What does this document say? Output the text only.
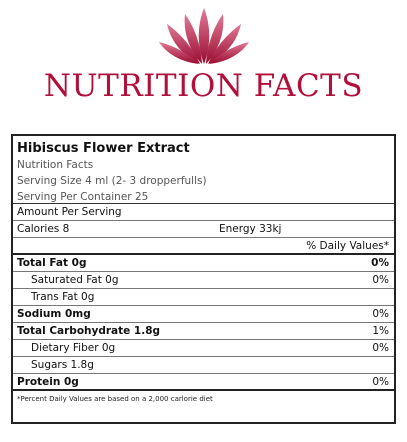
NUTRITION FACTS
Hibiscus Flower Extract
Nutrition Facts
Serving Size 4 ml (2- 3 dropperfulls)
Serving Per Container 25
Amount Per Serving
Calories 8	Energy 33kj
% Daily Values*
Total Fat 0g	0%
Saturated Fat 0g	0%
Trans Fat 0g
Sodium 0mg	0%
Total Carbohydrate 1.8g	1%
Dietary Fiber 0g	0%
Sugars 1.8g
Protein 0g	0%
*Percent Daily Values are based on a 2,000 carlorie diet
